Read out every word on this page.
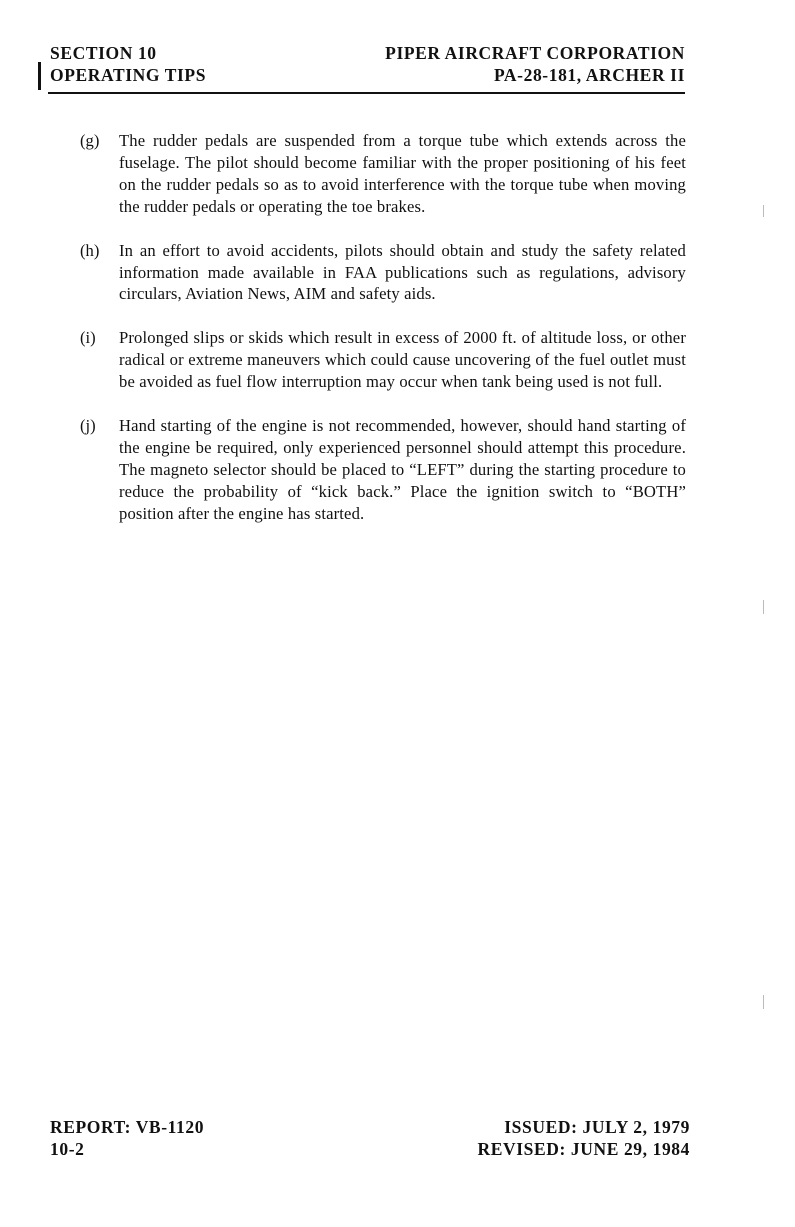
SECTION 10
OPERATING TIPS
PIPER AIRCRAFT CORPORATION
PA-28-181, ARCHER II
(g)	The rudder pedals are suspended from a torque tube which extends across the fuselage. The pilot should become familiar with the proper positioning of his feet on the rudder pedals so as to avoid interference with the torque tube when moving the rudder pedals or operating the toe brakes.
(h)	In an effort to avoid accidents, pilots should obtain and study the safety related information made available in FAA publications such as regulations, advisory circulars, Aviation News, AIM and safety aids.
(i)	Prolonged slips or skids which result in excess of 2000 ft. of altitude loss, or other radical or extreme maneuvers which could cause uncovering of the fuel outlet must be avoided as fuel flow interruption may occur when tank being used is not full.
(j)	Hand starting of the engine is not recommended, however, should hand starting of the engine be required, only experienced personnel should attempt this procedure. The magneto selector should be placed to “LEFT” during the starting procedure to reduce the probability of “kick back.” Place the ignition switch to “BOTH” position after the engine has started.
REPORT: VB-1120
10-2
ISSUED: JULY 2, 1979
REVISED: JUNE 29, 1984
